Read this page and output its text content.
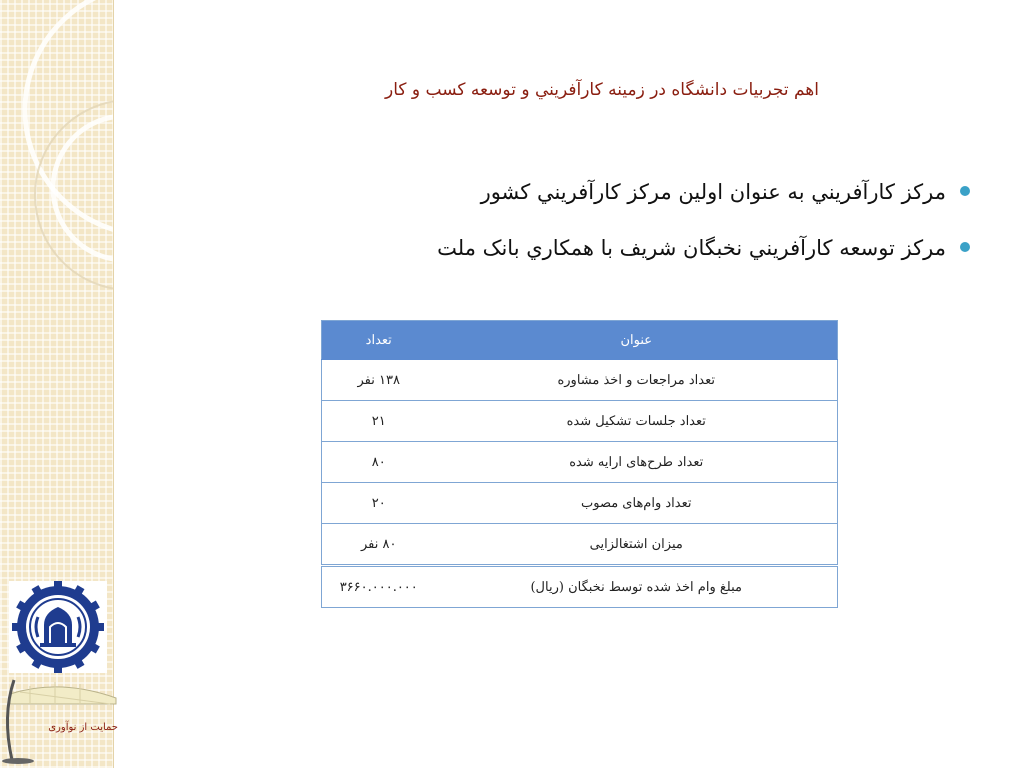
اهم تجربيات دانشگاه در زمينه كارآفريني و توسعه كسب و كار
مركز كارآفريني به عنوان اولين مركز كارآفريني كشور
مركز توسعه كارآفريني نخبگان شريف با همكاري بانک ملت
عنوان	تعداد
تعداد مراجعات و اخذ مشاوره	۱۳۸ نفر
تعداد جلسات تشکیل شده	۲۱
تعداد طرح‌های ارایه شده	۸۰
تعداد وام‌های مصوب	۲۰
میزان اشتغالزایی	۸۰ نفر
مبلغ وام اخذ شده توسط نخبگان (ریال)	۳۶۶۰.۰۰۰.۰۰۰
حمایت از نوآوری
